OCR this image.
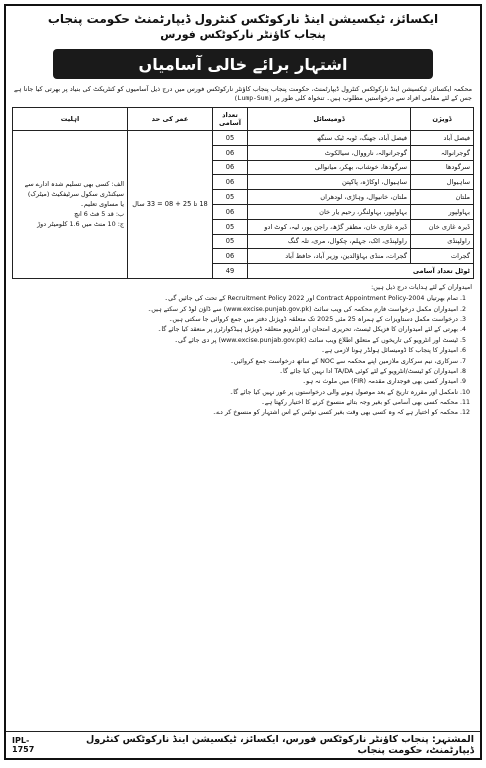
ایکسائز، ٹیکسیشن اینڈ نارکوٹکس کنٹرول ڈیپارٹمنٹ حکومت پنجاب
پنجاب کاؤنٹر نارکوٹکس فورس
اشتہار برائے خالی آسامیاں
محکمہ ایکسائز، ٹیکسیشن اینڈ نارکوٹکس کنٹرول ڈیپارٹمنٹ، حکومت پنجاب پنجاب کاؤنٹر نارکوٹکس فورس میں درج ذیل آسامیوں کو کنٹریکٹ کی بنیاد پر بھرتی کیا جانا ہے جس کے لئے مقامی افراد سے درخواستیں مطلوب ہیں۔ تنخواہ کلی طور پر (Lump-Sum)
ڈویژن	ڈومیسائل	تعداد آسامی	عمر کی حد	اہلیت
فیصل آباد	فیصل آباد، جھنگ، ٹوبہ ٹیک سنگھ	05	18 تا 25 + 08 = 33 سال	الف: کسی بھی تسلیم شدہ ادارے سے سیکنڈری سکول سرٹیفکیٹ (میٹرک)
یا مساوی تعلیم۔
ب: قد 5 فٹ 6 انچ
ج: 10 منٹ میں 1.6 کلومیٹر دوڑ

گوجرانوالہ	گوجرانوالہ، نارووال، سیالکوٹ	06		
سرگودھا	سرگودھا، خوشاب، بھکر، میانوالی	06		
ساہیوال	ساہیوال، اوکاڑہ، پاکپتن	06		
ملتان	ملتان، خانیوال، وہاڑی، لودھراں	05		
بہاولپور	بہاولپور، بہاولنگر، رحیم یار خان	06		
ڈیرہ غازی خان	ڈیرہ غازی خان، مظفر گڑھ، راجن پور، لیہ، کوٹ ادو	05		
راولپنڈی	راولپنڈی، اٹک، جہلم، چکوال، مری، تلہ گنگ	05		
گجرات	گجرات، منڈی بہاؤالدین، وزیر آباد، حافظ آباد	06		
ٹوٹل تعداد آسامی		49		
امیدواران کے لئے ہدایات درج ذیل ہیں:
1. تمام بھرتیاں Contract Appointment Policy-2004 اور Recruitment Policy 2022 کے تحت کی جائیں گی۔
2. امیدواران مکمل درخواست فارم محکمہ کی ویب سائٹ (www.excise.punjab.gov.pk) سے ڈاؤن لوڈ کر سکتے ہیں۔
3. درخواست مکمل دستاویزات کے ہمراہ 25 مئی 2025 تک متعلقہ ڈویژنل دفتر میں جمع کروائی جا سکتی ہیں۔
4. بھرتی کے لئے امیدواران کا فزیکل ٹیسٹ، تحریری امتحان اور انٹرویو متعلقہ ڈویژنل ہیڈکوارٹرز پر منعقد کیا جائے گا۔
5. ٹیسٹ اور انٹرویو کی تاریخوں کے متعلق اطلاع ویب سائٹ (www.excise.punjab.gov.pk) پر دی جائے گی۔
6. امیدوار کا پنجاب کا ڈومیسائل ہولڈر ہونا لازمی ہے۔
7. سرکاری، نیم سرکاری ملازمین اپنے محکمہ سے NOC کے ساتھ درخواست جمع کروائیں۔
8. امیدواران کو ٹیسٹ/انٹرویو کے لئے کوئی TA/DA ادا نہیں کیا جائے گا۔
9. امیدوار کسی بھی فوجداری مقدمہ (FIR) میں ملوث نہ ہو۔
10. نامکمل اور مقررہ تاریخ کے بعد موصول ہونے والی درخواستوں پر غور نہیں کیا جائے گا۔
11. محکمہ کسی بھی آسامی کو بغیر وجہ بتائے منسوخ کرنے کا اختیار رکھتا ہے۔
12. محکمہ کو اختیار ہے کہ وہ کسی بھی وقت بغیر کسی نوٹس کے اس اشتہار کو منسوخ کر دے۔
IPL-1757
المشتہر: پنجاب کاؤنٹر نارکوٹکس فورس، ایکسائز، ٹیکسیشن اینڈ نارکوٹکس کنٹرول ڈیپارٹمنٹ، حکومت پنجاب
